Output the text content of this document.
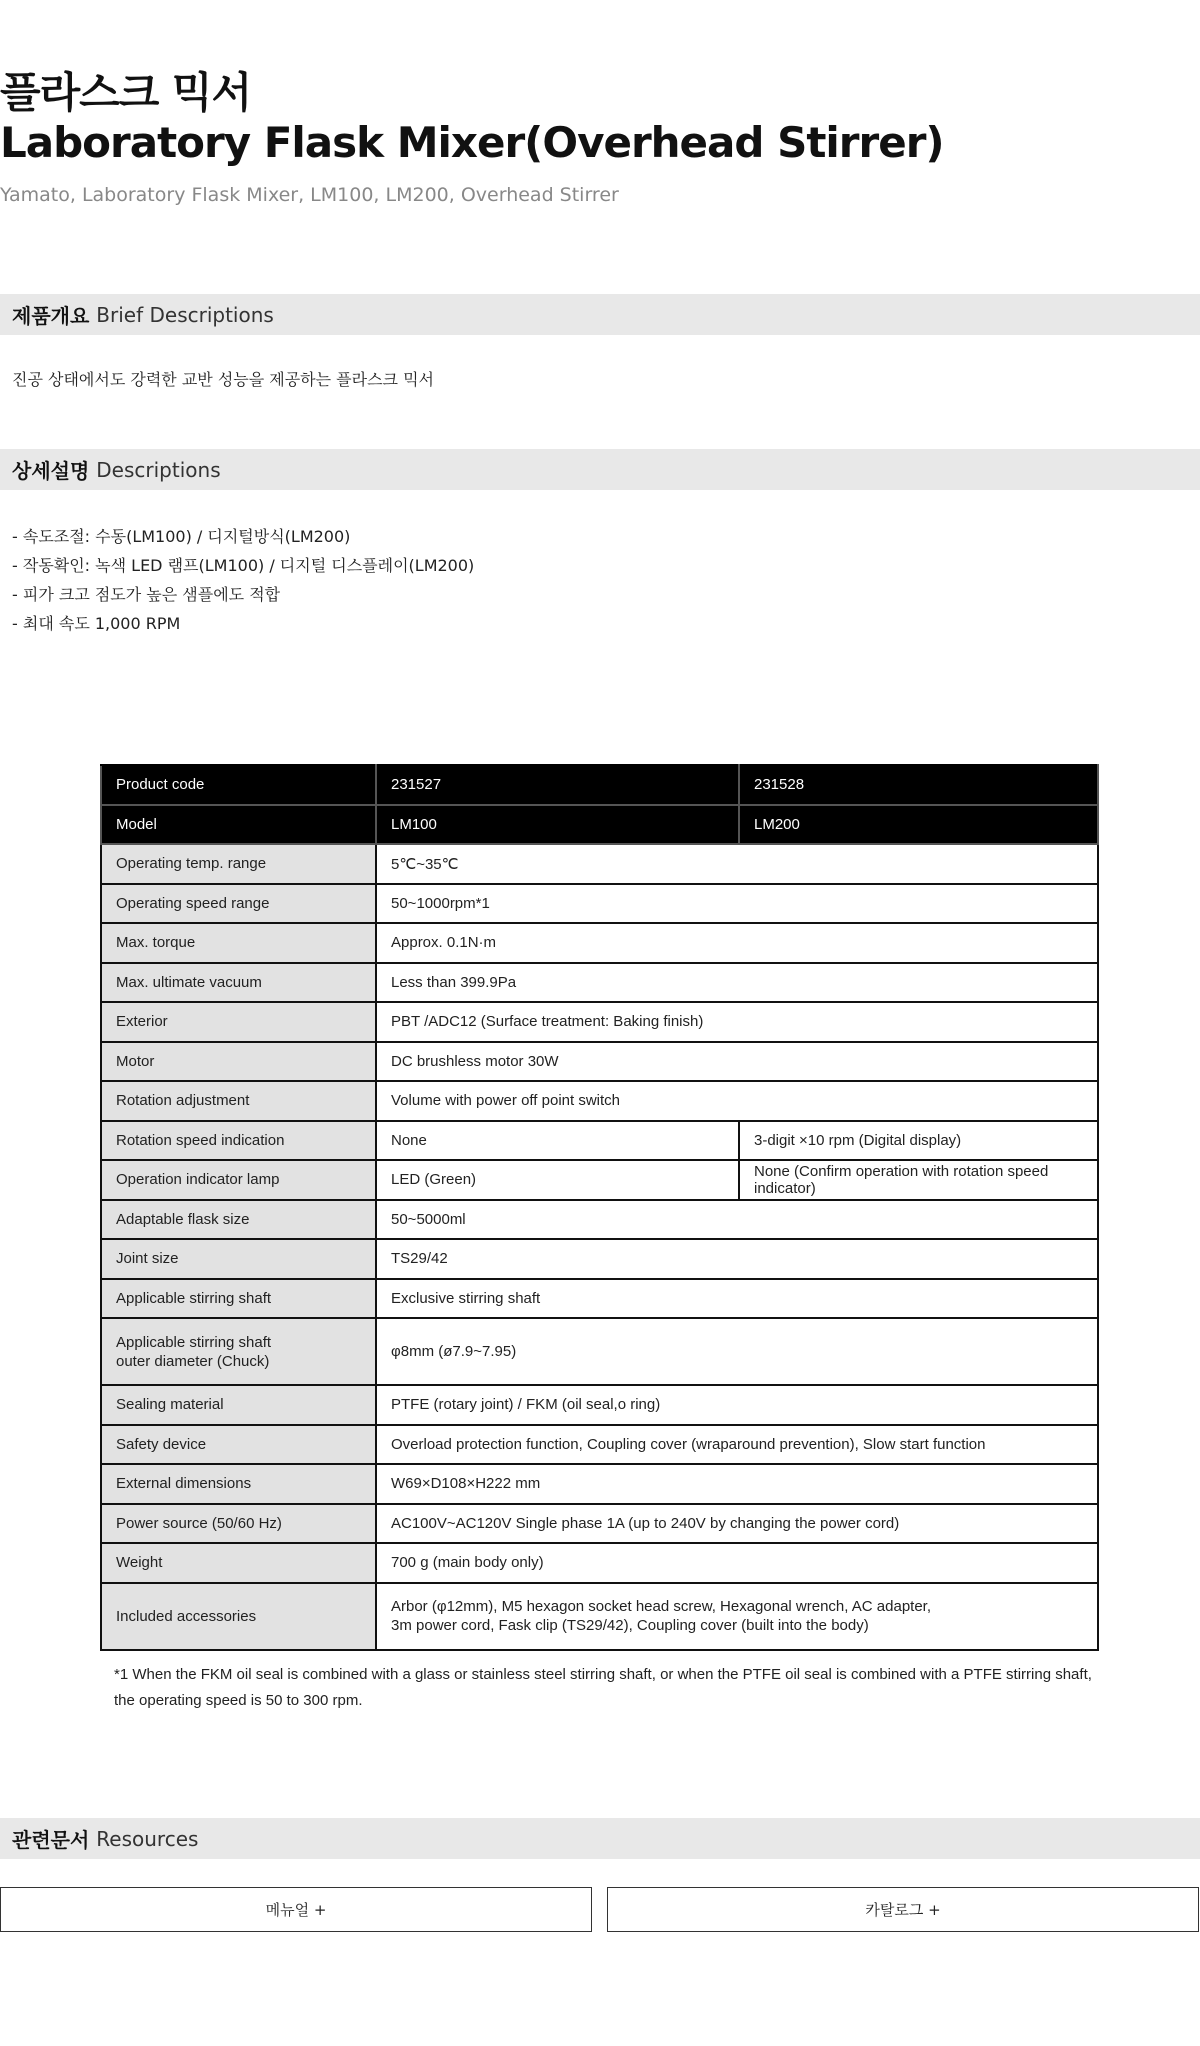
플라스크 믹서
Laboratory Flask Mixer(Overhead Stirrer)
Yamato, Laboratory Flask Mixer, LM100, LM200, Overhead Stirrer
제품개요 Brief Descriptions
진공 상태에서도 강력한 교반 성능을 제공하는 플라스크 믹서
상세설명 Descriptions
- 속도조절: 수동(LM100) / 디지털방식(LM200)
- 작동확인: 녹색 LED 램프(LM100) / 디지털 디스플레이(LM200)
- 피가 크고 점도가 높은 샘플에도 적합
- 최대 속도 1,000 RPM
Product code	231527	231528
Model	LM100	LM200
Operating temp. range	5℃~35℃	
Operating speed range	50~1000rpm*1	
Max. torque	Approx. 0.1N·m	
Max. ultimate vacuum	Less than 399.9Pa	
Exterior	PBT /ADC12 (Surface treatment: Baking finish)	
Motor	DC brushless motor 30W	
Rotation adjustment	Volume with power off point switch	
Rotation speed indication	None	3-digit ×10 rpm (Digital display)
Operation indicator lamp	LED (Green)	None (Confirm operation with rotation speed indicator)
Adaptable flask size	50~5000ml	
Joint size	TS29/42	
Applicable stirring shaft	Exclusive stirring shaft	
Applicable stirring shaft
outer diameter (Chuck)	φ8mm (ø7.9~7.95)	
Sealing material	PTFE (rotary joint) / FKM (oil seal,o ring)	
Safety device	Overload protection function, Coupling cover (wraparound prevention), Slow start function	
External dimensions	W69×D108×H222 mm	
Power source (50/60 Hz)	AC100V~AC120V Single phase 1A (up to 240V by changing the power cord)	
Weight	700 g (main body only)	
Included accessories	Arbor (φ12mm), M5 hexagon socket head screw, Hexagonal wrench, AC adapter,
3m power cord, Fask clip (TS29/42), Coupling cover (built into the body)	
*1 When the FKM oil seal is combined with a glass or stainless steel stirring shaft, or when the PTFE oil seal is combined with a PTFE stirring shaft,
the operating speed is 50 to 300 rpm.
관련문서 Resources
메뉴얼 +	카탈로그 +
